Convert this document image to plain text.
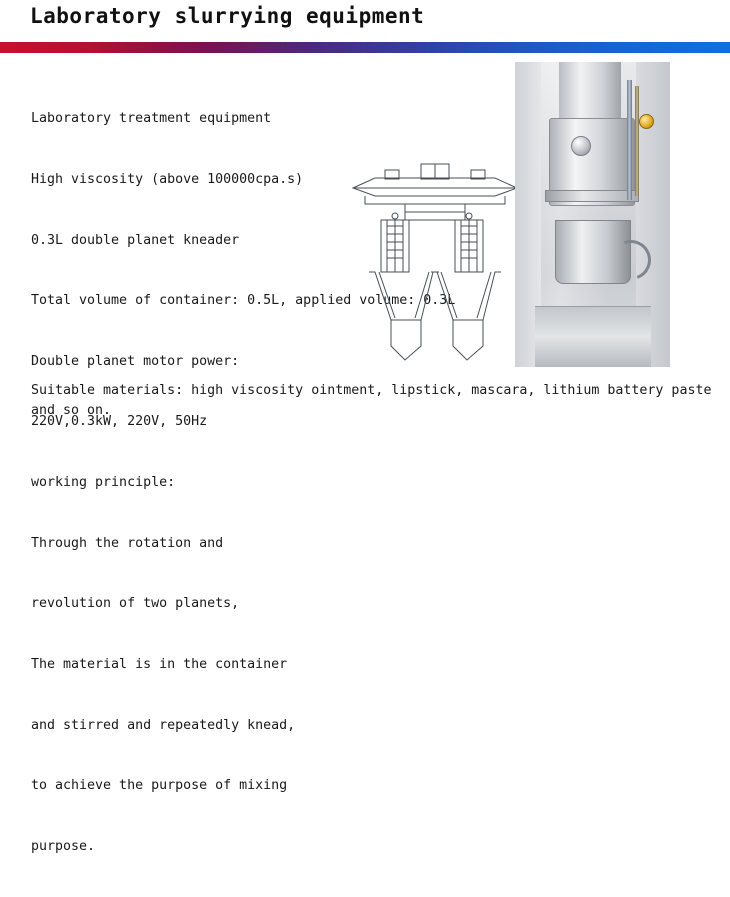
Laboratory slurrying equipment

Laboratory treatment equipment

High viscosity (above 100000cpa.s)

0.3L double planet kneader

Total volume of container: 0.5L, applied volume: 0.3L

Double planet motor power:

220V,0.3kW, 220V, 50Hz

working principle:

Through the rotation and

revolution of two planets,

The material is in the container

and stirred and repeatedly knead,

to achieve the purpose of mixing

purpose.

Suitable materials: high viscosity ointment, lipstick, mascara, lithium battery paste
and so on.
